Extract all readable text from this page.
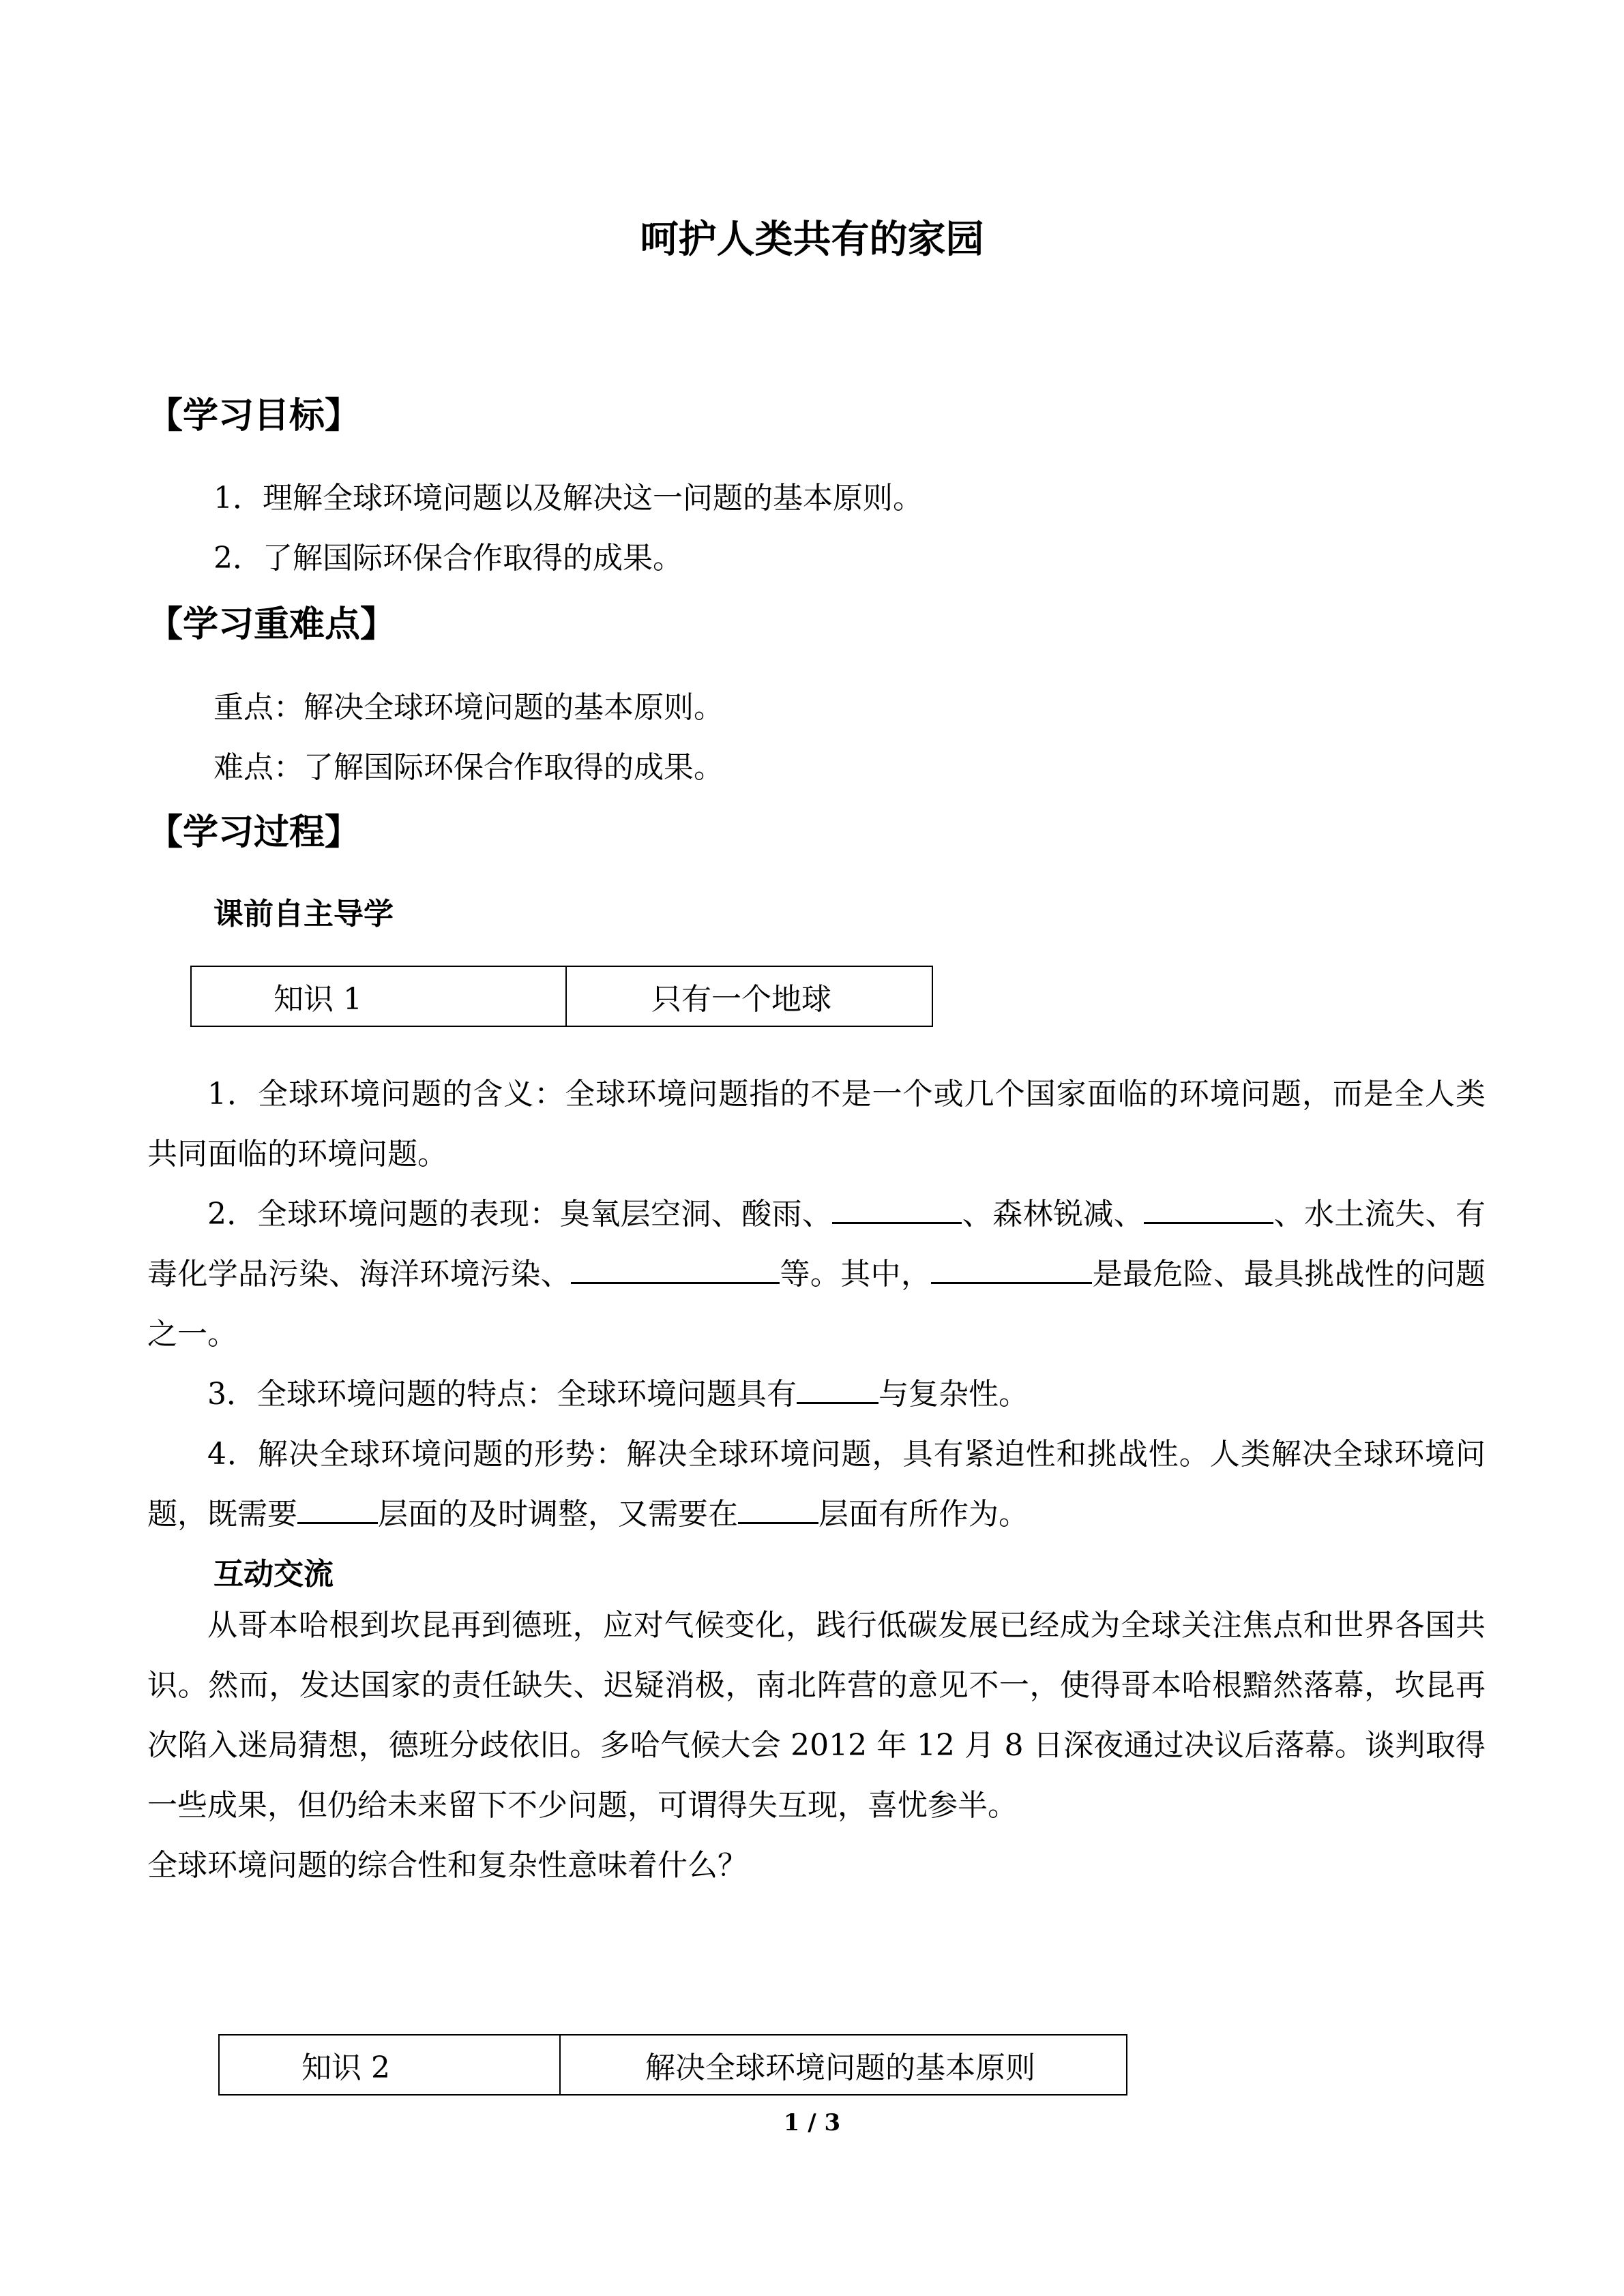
呵护人类共有的家园
【学习目标】
1．理解全球环境问题以及解决这一问题的基本原则。
2．了解国际环保合作取得的成果。
【学习重难点】
重点：解决全球环境问题的基本原则。
难点：了解国际环保合作取得的成果。
【学习过程】
课前自主导学
知识 1	只有一个地球

1．全球环境问题的含义：全球环境问题指的不是一个或几个国家面临的环境问题，而是全人类共同面临的环境问题。

2．全球环境问题的表现：臭氧层空洞、酸雨、	、森林锐减、	、水土流失、有毒化学品污染、海洋环境污染、	等。其中，	是最危险、最具挑战性的问题之一。

3．全球环境问题的特点：全球环境问题具有	与复杂性。

4．解决全球环境问题的形势：解决全球环境问题，具有紧迫性和挑战性。人类解决全球环境问题，既需要	层面的及时调整，又需要在	层面有所作为。

互动交流

从哥本哈根到坎昆再到德班，应对气候变化，践行低碳发展已经成为全球关注焦点和世界各国共识。然而，发达国家的责任缺失、迟疑消极，南北阵营的意见不一，使得哥本哈根黯然落幕，坎昆再次陷入迷局猜想，德班分歧依旧。多哈气候大会 2012 年 12 月 8 日深夜通过决议后落幕。谈判取得一些成果，但仍给未来留下不少问题，可谓得失互现，喜忧参半。

全球环境问题的综合性和复杂性意味着什么？

知识 2	解决全球环境问题的基本原则
1 / 3
